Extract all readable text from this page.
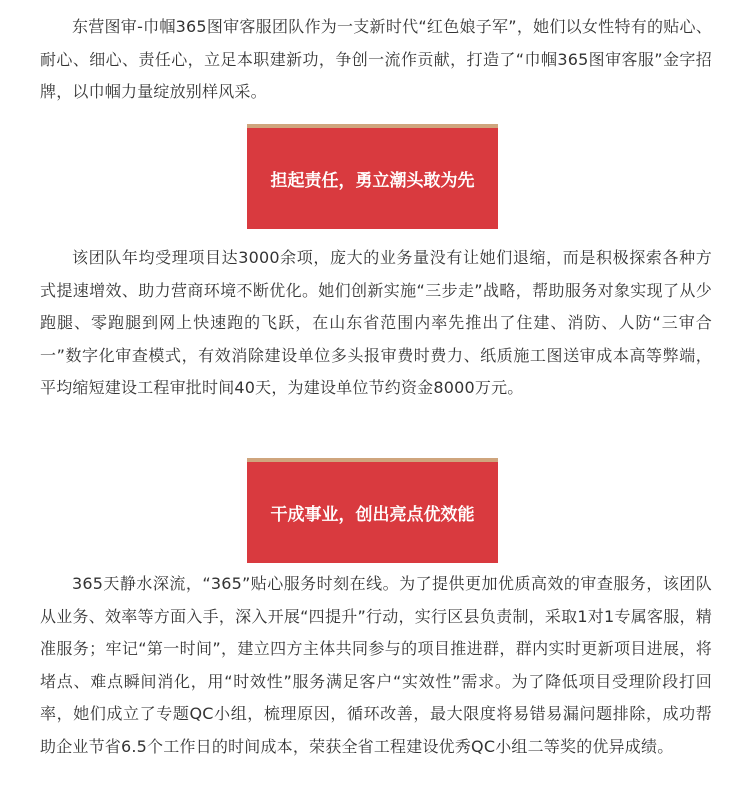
东营图审-巾帼365图审客服团队作为一支新时代“红色娘子军”，她们以女性特有的贴心、耐心、细心、责任心，立足本职建新功，争创一流作贡献，打造了“巾帼365图审客服”金字招牌，以巾帼力量绽放别样风采。

担起责任，勇立潮头敢为先

该团队年均受理项目达3000余项，庞大的业务量没有让她们退缩，而是积极探索各种方式提速增效、助力营商环境不断优化。她们创新实施“三步走”战略，帮助服务对象实现了从少跑腿、零跑腿到网上快速跑的飞跃，在山东省范围内率先推出了住建、消防、人防“三审合一”数字化审查模式，有效消除建设单位多头报审费时费力、纸质施工图送审成本高等弊端，平均缩短建设工程审批时间40天，为建设单位节约资金8000万元。

干成事业，创出亮点优效能

365天静水深流，“365”贴心服务时刻在线。为了提供更加优质高效的审查服务，该团队从业务、效率等方面入手，深入开展“四提升”行动，实行区县负责制，采取1对1专属客服，精准服务；牢记“第一时间”，建立四方主体共同参与的项目推进群，群内实时更新项目进展，将堵点、难点瞬间消化，用“时效性”服务满足客户“实效性”需求。为了降低项目受理阶段打回率，她们成立了专题QC小组，梳理原因，循环改善，最大限度将易错易漏问题排除，成功帮助企业节省6.5个工作日的时间成本，荣获全省工程建设优秀QC小组二等奖的优异成绩。
